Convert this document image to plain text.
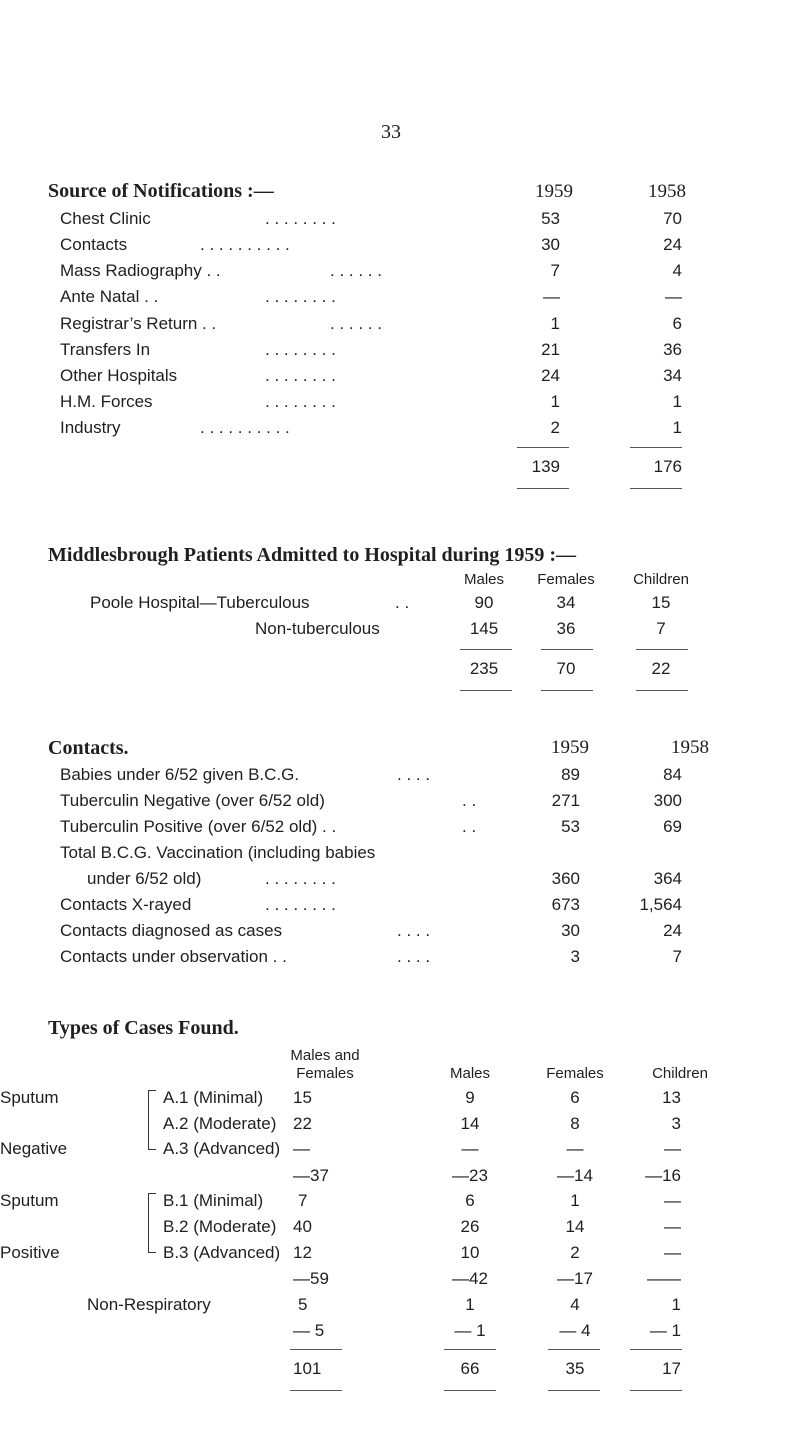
33
Source of Notifications :—	1959	1958
Chest Clinic	. . . . . . . .	53	70
Contacts	. . . . . . . . . .	30	24
Mass Radiography . .	. . . . . .	7	4
Ante Natal . .	. . . . . . . .	—	—
Registrar’s Return . .	. . . . . .	1	6
Transfers In	. . . . . . . .	21	36
Other Hospitals	. . . . . . . .	24	34
H.M. Forces	. . . . . . . .	1	1
Industry	. . . . . . . . . .	2	1
139	176
Middlesbrough Patients Admitted to Hospital during 1959 :—
Males	Females	Children
Poole Hospital—Tuberculous	. .	90	34	15
Non-tuberculous	145	36	7
235	70	22
Contacts.	1959	1958
Babies under 6/52 given B.C.G.	. . . .	89	84
Tuberculin Negative (over 6/52 old)	. .	271	300
Tuberculin Positive (over 6/52 old) . .	. .	53	69
Total B.C.G. Vaccination (including babies
under 6/52 old)	. . . . . . . .	360	364
Contacts X-rayed	. . . . . . . .	673	1,564
Contacts diagnosed as cases	. . . .	30	24
Contacts under observation . .	. . . .	3	7
Types of Cases Found.
Males and
Females	Males	Females	Children
Sputum
Negative
A.1 (Minimal) 15	9	6	13
A.2 (Moderate) 22	14	8	3
A.3 (Advanced) —	—	—	—
—37	—23	—14	—16
Sputum
Positive
B.1 (Minimal) 7	6	1	—
B.2 (Moderate) 40	26	14	—
B.3 (Advanced) 12	10	2	—
—59	—42	—17	——
Non-Respiratory	5	1	4	1
— 5	— 1	— 4	— 1
101	66	35	17
